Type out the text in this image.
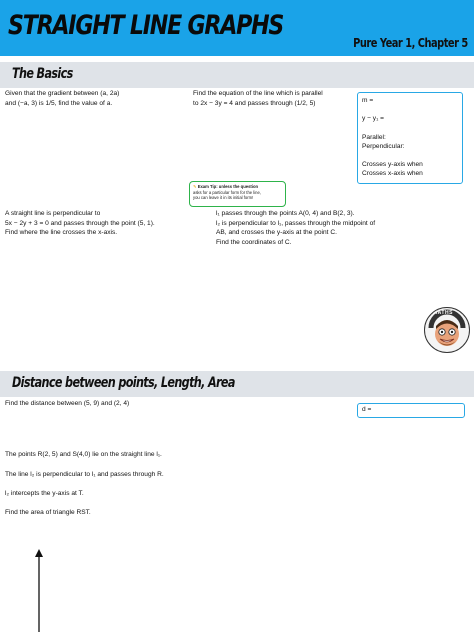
STRAIGHT LINE GRAPHS
Pure Year 1, Chapter 5
The Basics
Given that the gradient between (a, 2a)
and (−a, 3) is 1/5, find the value of a.
Find the equation of the line which is parallel
to 2x − 3y = 4 and passes through (1/2, 5)	m =
y − y₁ =
Parallel:
Perpendicular:
Crosses y-axis when
Crosses x-axis when
✎ Exam Tip: unless the question
asks for a particular form for the line,
you can leave it in its initial form!
A straight line is perpendicular to
5x − 2y + 3 = 0 and passes through the point (5, 1).
Find where the line crosses the x-axis.
l₁ passes through the points A(0, 4) and B(2, 3).
l₂ is perpendicular to l₁, passes through the midpoint of
AB, and crosses the y-axis at the point C.
Find the coordinates of C.
MATHS
Distance between points, Length, Area
Find the distance between (5, 9) and (2, 4)
d =
The points R(2, 5) and S(4,0) lie on the straight line l₁.
The line l₂ is perpendicular to l₁ and passes through R.
l₂ intercepts the y-axis at T.
Find the area of triangle RST.
